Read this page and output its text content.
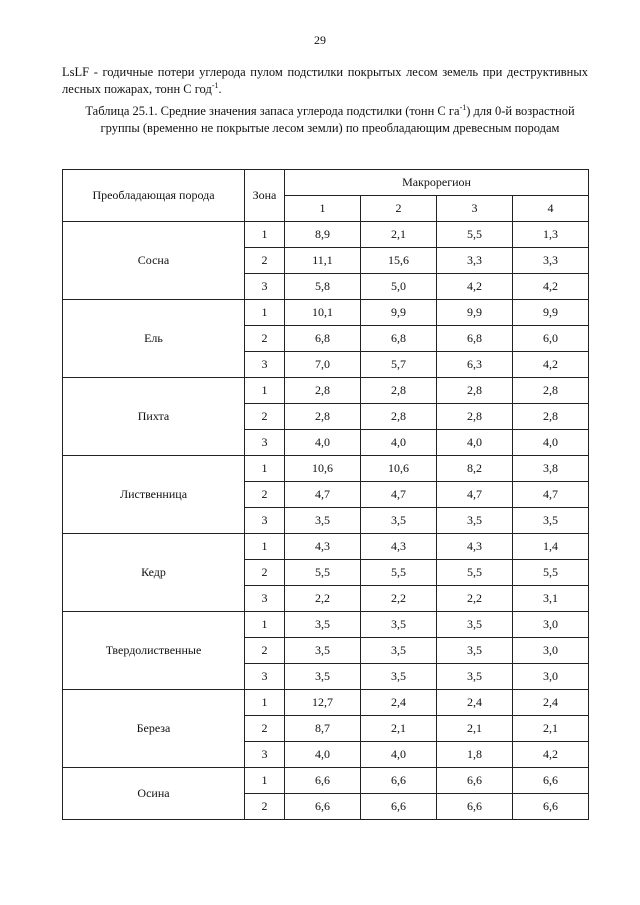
29

LsLF - годичные потери углерода пулом подстилки покрытых лесом земель при деструктивных лесных пожарах, тонн С год$^{-1}$.

Таблица 25.1. Средние значения запаса углерода подстилки (тонн С $га^{-1}$) для 0-й возрастной группы (временно не покрытые лесом земли) по преобладающим древесным породам

Преобладающая порода	Зона	Макрорегион			
		1	2	3	4
Сосна	1	8,9	2,1	5,5	1,3
	2	11,1	15,6	3,3	3,3
	3	5,8	5,0	4,2	4,2
Ель	1	10,1	9,9	9,9	9,9
	2	6,8	6,8	6,8	6,0
	3	7,0	5,7	6,3	4,2
Пихта	1	2,8	2,8	2,8	2,8
	2	2,8	2,8	2,8	2,8
	3	4,0	4,0	4,0	4,0
Лиственница	1	10,6	10,6	8,2	3,8
	2	4,7	4,7	4,7	4,7
	3	3,5	3,5	3,5	3,5
Кедр	1	4,3	4,3	4,3	1,4
	2	5,5	5,5	5,5	5,5
	3	2,2	2,2	2,2	3,1
Твердолиственные	1	3,5	3,5	3,5	3,0
	2	3,5	3,5	3,5	3,0
	3	3,5	3,5	3,5	3,0
Береза	1	12,7	2,4	2,4	2,4
	2	8,7	2,1	2,1	2,1
	3	4,0	4,0	1,8	4,2
Осина	1	6,6	6,6	6,6	6,6
	2	6,6	6,6	6,6	6,6
